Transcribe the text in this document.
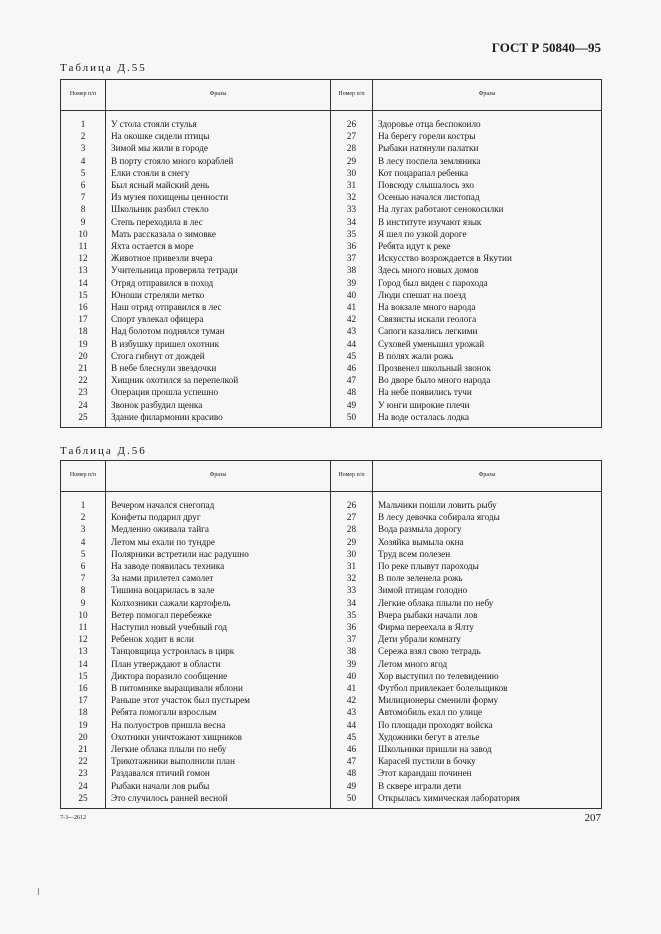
ГОСТ Р 50840—95
Таблица Д.55
Номер п/п	Фразы	Номер п/п	Фразы

1	У стола стояли стулья	26	Здоровье отца беспокоило
2	На окошке сидели птицы	27	На берегу горели костры
3	Зимой мы жили в городе	28	Рыбаки натянули палатки
4	В порту стояло много кораблей	29	В лесу поспела земляника
5	Елки стояли в снегу	30	Кот поцарапал ребенка
6	Был ясный майский день	31	Повсюду слышалось эхо
7	Из музея похищены ценности	32	Осенью начался листопад
8	Школьник разбил стекло	33	На лугах работают сенокосилки
9	Степь переходила в лес	34	В институте изучают язык
10	Мать рассказала о зимовке	35	Я шел по узкой дороге
11	Яхта остается в море	36	Ребята идут к реке
12	Животное привезли вчера	37	Искусство возрождается в Якутии
13	Учительница проверяла тетради	38	Здесь много новых домов
14	Отряд отправился в поход	39	Город был виден с парохода
15	Юноши стреляли метко	40	Люди спешат на поезд
16	Наш отряд отправился в лес	41	На вокзале много народа
17	Спорт увлекал офицера	42	Связисты искали геолога
18	Над болотом поднялся туман	43	Сапоги казались легкими
19	В избушку пришел охотник	44	Суховей уменьшил урожай
20	Стога гибнут от дождей	45	В полях жали рожь
21	В небе блеснули звездочки	46	Прозвенел школьный звонок
22	Хищник охотился за перепелкой	47	Во дворе было много народа
23	Операция прошла успешно	48	На небе появились тучи
24	Звонок разбудил щенка	49	У юнги широкие плечи
25	Здание филармонии красиво	50	На воде осталась лодка
Таблица Д.56
Номер п/п	Фразы	Номер п/п	Фразы

1	Вечером начался снегопад	26	Мальчики пошли ловить рыбу
2	Конфеты подарил друг	27	В лесу девочка собирала ягоды
3	Медленно оживала тайга	28	Вода размыла дорогу
4	Летом мы ехали по тундре	29	Хозяйка вымыла окна
5	Полярники встретили нас радушно	30	Труд всем полезен
6	На заводе появилась техника	31	По реке плывут пароходы
7	За нами прилетел самолет	32	В поле зеленела рожь
8	Тишина воцарилась в зале	33	Зимой птицам голодно
9	Колхозники сажали картофель	34	Легкие облака плыли по небу
10	Ветер помогал перебежке	35	Вчера рыбаки начали лов
11	Наступил новый учебный год	36	Фирма переехала в Ялту
12	Ребенок ходит в ясли	37	Дети убрали комнату
13	Танцовщица устроилась в цирк	38	Сережа взял свою тетрадь
14	План утверждают в области	39	Летом много ягод
15	Диктора поразило сообщение	40	Хор выступил по телевидению
16	В питомнике выращивали яблони	41	Футбол привлекает болельщиков
17	Раньше этот участок был пустырем	42	Милиционеры сменили форму
18	Ребята помогали взрослым	43	Автомобиль ехал по улице
19	На полуостров пришла весна	44	По площади проходят войска
20	Охотники уничтожают хищников	45	Художники бегут в ателье
21	Легкие облака плыли по небу	46	Школьники пришли на завод
22	Трикотажники выполнили план	47	Карасей пустили в бочку
23	Раздавался птичий гомон	48	Этот карандаш починен
24	Рыбаки начали лов рыбы	49	В сквере играли дети
25	Это случилось ранней весной	50	Открылась химическая лаборатория
7-3—2612	207
